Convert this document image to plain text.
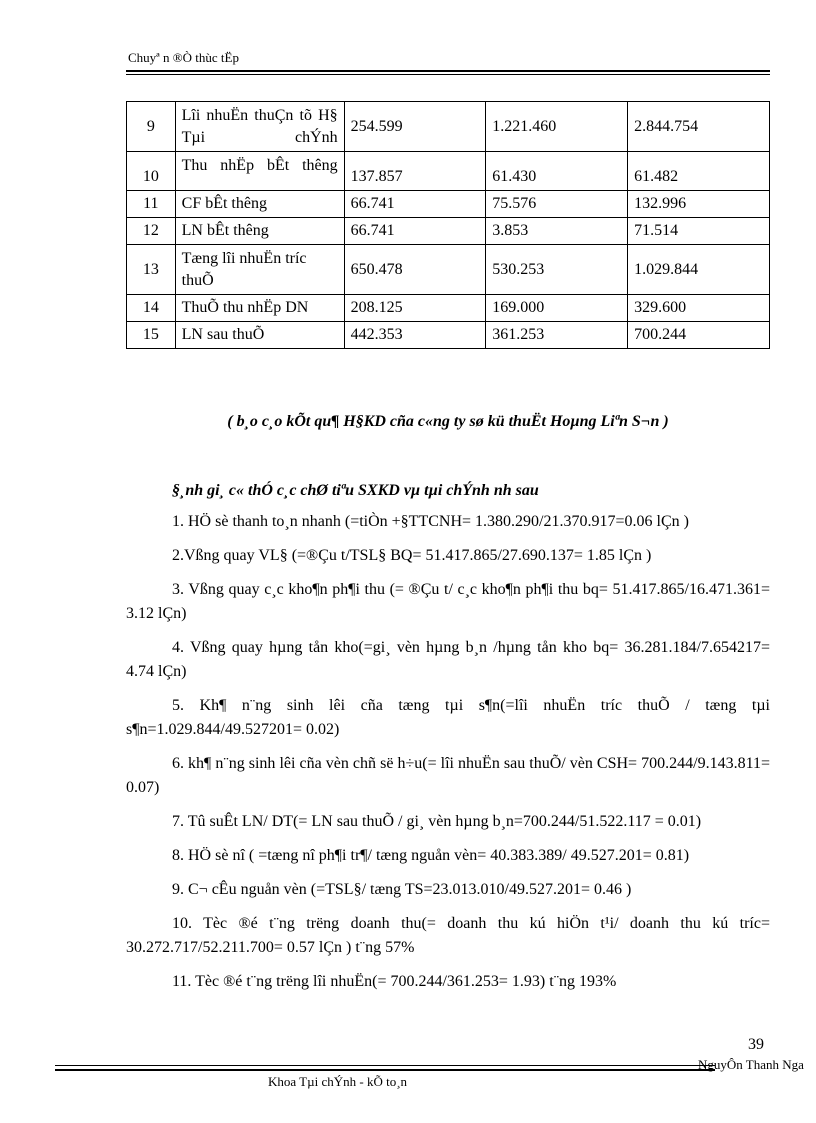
Chuyª n ®Ò thùc tËp
9	Lîi nhuËn thuÇn tõ H§ Tµi chÝnh	254.599	1.221.460	2.844.754
10	Thu nhËp bÊt thêng	137.857	61.430	61.482
11	CF bÊt thêng	66.741	75.576	132.996
12	LN bÊt thêng	66.741	3.853	71.514
13	Tæng lîi nhuËn tríc thuÕ	650.478	530.253	1.029.844
14	ThuÕ thu nhËp DN	208.125	169.000	329.600
15	LN sau thuÕ	442.353	361.253	700.244
( b¸o c¸o kÕt qu¶ H§KD cña c«ng ty sø kü thuËt Hoµng Liªn S¬n )
§¸nh gi¸ c« thÓ c¸c chØ tiªu SXKD vµ tµi chÝnh nh sau

1. HÖ sè thanh to¸n nhanh (=tiÒn +§TTCNH= 1.380.290/21.370.917=0.06 lÇn )

2.Vßng quay VL§ (=®Çu t/TSL§ BQ= 51.417.865/27.690.137= 1.85 lÇn )

3. Vßng quay c¸c kho¶n ph¶i thu (= ®Çu t/ c¸c kho¶n ph¶i thu bq= 51.417.865/16.471.361= 3.12 lÇn)

4. Vßng quay hµng tån kho(=gi¸ vèn hµng b¸n /hµng tån kho bq= 36.281.184/7.654217= 4.74 lÇn)

5. Kh¶ n¨ng sinh lêi cña tæng tµi s¶n(=lîi nhuËn tríc thuÕ / tæng tµi s¶n=1.029.844/49.527201= 0.02)

6. kh¶ n¨ng sinh lêi cña vèn chñ së h÷u(= lîi nhuËn sau thuÕ/ vèn CSH= 700.244/9.143.811= 0.07)

7. Tû suÊt LN/ DT(= LN sau thuÕ / gi¸ vèn hµng b¸n=700.244/51.522.117 = 0.01)

8. HÖ sè nî ( =tæng nî ph¶i tr¶/ tæng nguån vèn= 40.383.389/ 49.527.201= 0.81)

9. C¬ cÊu nguån vèn (=TSL§/ tæng TS=23.013.010/49.527.201= 0.46 )

10. Tèc ®é t¨ng trëng doanh thu(= doanh thu kú hiÖn t¹i/ doanh thu kú tríc= 30.272.717/52.211.700= 0.57 lÇn ) t¨ng 57%

11. Tèc ®é t¨ng trëng lîi nhuËn(= 700.244/361.253= 1.93) t¨ng 193%

39
NguyÔn Thanh Nga
Khoa Tµi chÝnh - kÕ to¸n
